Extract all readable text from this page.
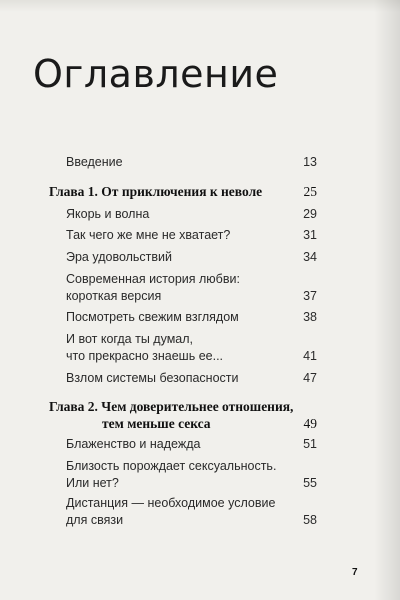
Оглавление
Введение	13
Глава 1. От приключения к неволе	25
Якорь и волна	29
Так чего же мне не хватает?	31
Эра удовольствий	34
Современная история любви:
короткая версия	37
Посмотреть свежим взглядом	38
И вот когда ты думал,
что прекрасно знаешь ее...	41
Взлом системы безопасности	47
Глава 2. Чем доверительнее отношения,
тем меньше секса	49
Блаженство и надежда	51
Близость порождает сексуальность.
Или нет?	55
Дистанция — необходимое условие
для связи	58
7
